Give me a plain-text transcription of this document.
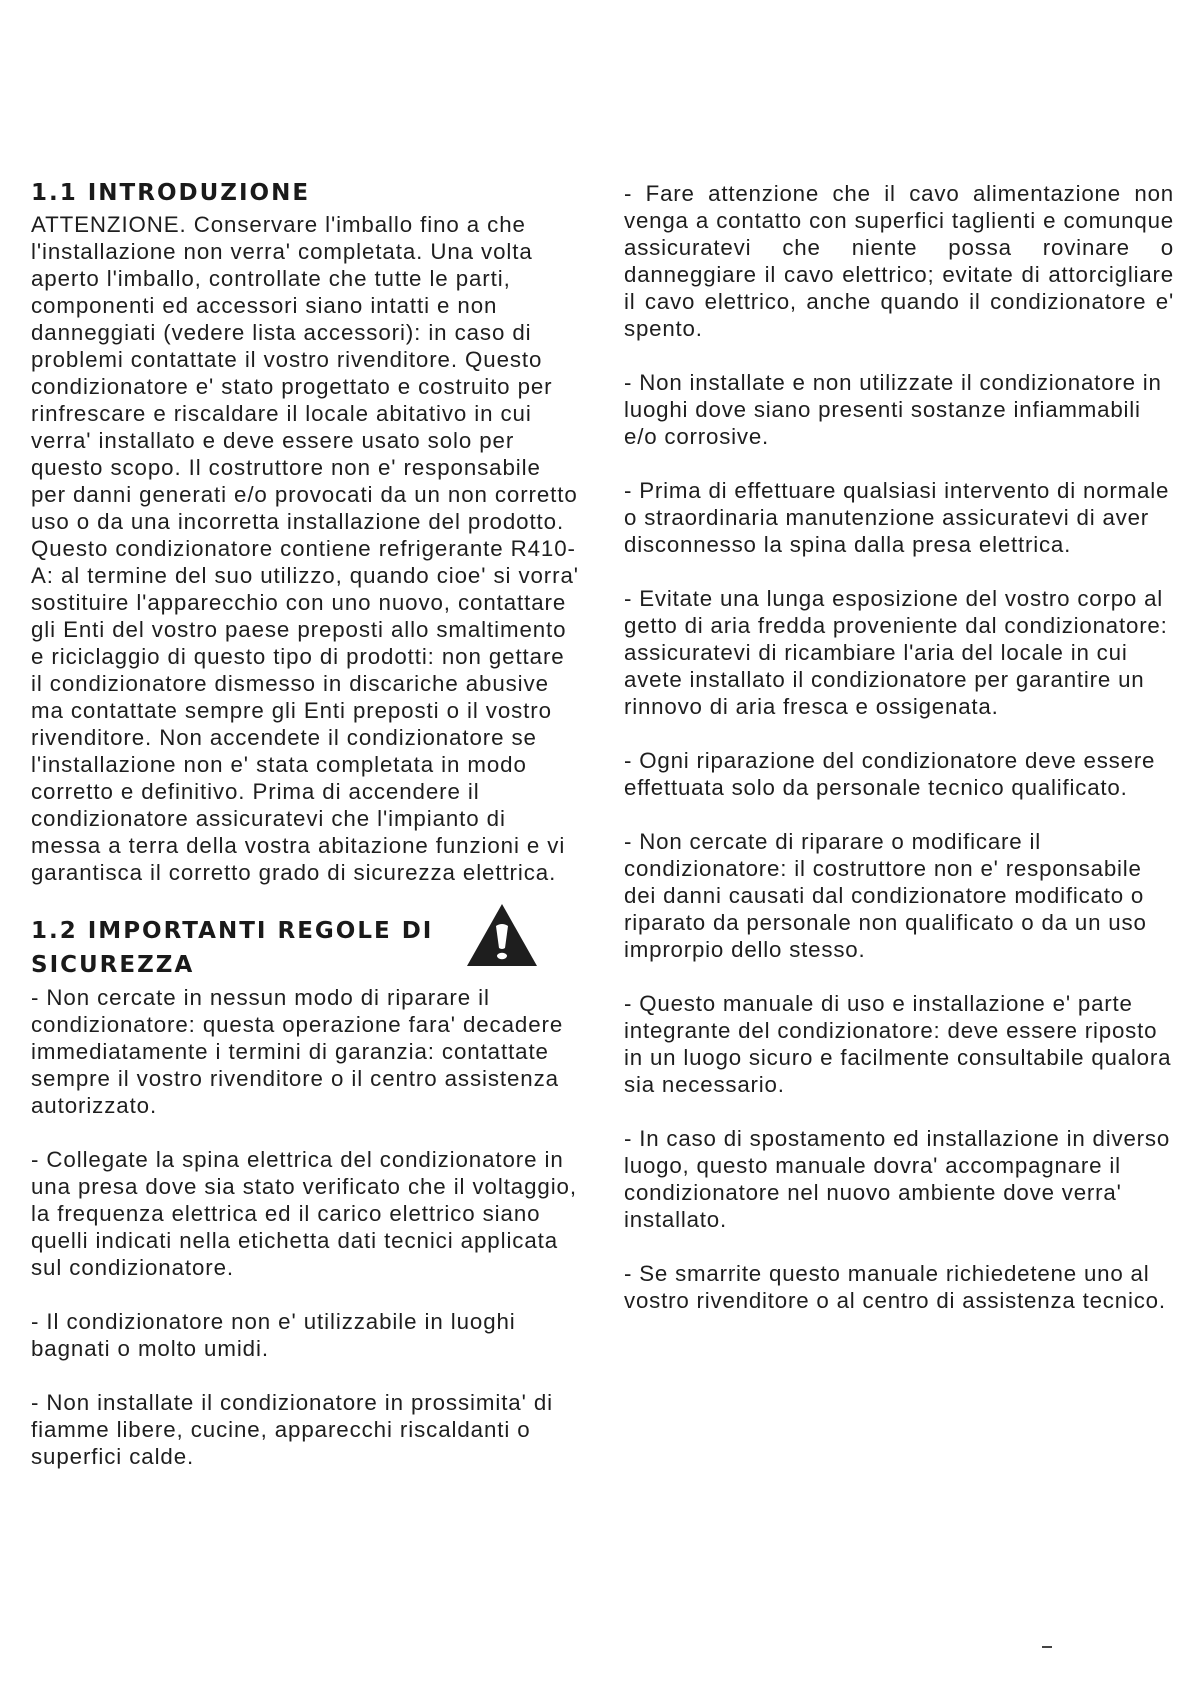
1.1 INTRODUZIONE

ATTENZIONE. Conservare l'imballo fino a che l'installazione non verra' completata. Una volta aperto l'imballo, controllate che tutte le parti, componenti ed accessori siano intatti e non danneggiati (vedere lista accessori): in caso di problemi contattate il vostro rivenditore. Questo condizionatore e' stato progettato e costruito per rinfrescare e riscaldare il locale abitativo in cui verra' installato e deve essere usato solo per questo scopo. Il costruttore non e' responsabile per danni generati e/o provocati da un non corretto uso o da una incorretta installazione del prodotto. Questo condizionatore contiene refrigerante R410-A: al termine del suo utilizzo, quando cioe' si vorra' sostituire l'apparecchio con uno nuovo, contattare gli Enti del vostro paese preposti allo smaltimento e riciclaggio di questo tipo di prodotti: non gettare il condizionatore dismesso in discariche abusive ma contattate sempre gli Enti preposti o il vostro rivenditore. Non accendete il condizionatore se l'installazione non e' stata completata in modo corretto e definitivo. Prima di accendere il condizionatore assicuratevi che l'impianto di messa a terra della vostra abitazione funzioni e vi garantisca il corretto grado di sicurezza elettrica.

1.2 IMPORTANTI REGOLE DI SICUREZZA

- Non cercate in nessun modo di riparare il condizionatore: questa operazione fara' decadere immediatamente i termini di garanzia: contattate sempre il vostro rivenditore o il centro assistenza autorizzato.

- Collegate la spina elettrica del condizionatore in una presa dove sia stato verificato che il voltaggio, la frequenza elettrica ed il carico elettrico siano quelli indicati nella etichetta dati tecnici applicata sul condizionatore.

- Il condizionatore non e' utilizzabile in luoghi bagnati o molto umidi.

- Non installate il condizionatore in prossimita' di fiamme libere, cucine, apparecchi riscaldanti o superfici calde.

- Fare attenzione che il cavo alimentazione non venga a contatto con superfici taglienti e comunque assicuratevi che niente possa rovinare o danneggiare il cavo elettrico; evitate di attorcigliare il cavo elettrico, anche quando il condizionatore e' spento.

- Non installate e non utilizzate il condizionatore in luoghi dove siano presenti sostanze infiammabili e/o corrosive.

- Prima di effettuare qualsiasi intervento di normale o straordinaria manutenzione assicuratevi di aver disconnesso la spina dalla presa elettrica.

- Evitate una lunga esposizione del vostro corpo al getto di aria fredda proveniente dal condizionatore: assicuratevi di ricambiare l'aria del locale in cui avete installato il condizionatore per garantire un rinnovo di aria fresca e ossigenata.

- Ogni riparazione del condizionatore deve essere effettuata solo da personale tecnico qualificato.

- Non cercate di riparare o modificare il condizionatore: il costruttore non e' responsabile dei danni causati dal condizionatore modificato o riparato da personale non qualificato o da un uso improrpio dello stesso.

- Questo manuale di uso e installazione e' parte integrante del condizionatore: deve essere riposto in un luogo sicuro e facilmente consultabile qualora sia necessario.

- In caso di spostamento ed installazione in diverso luogo, questo manuale dovra' accompagnare il condizionatore nel nuovo ambiente dove verra' installato.

- Se smarrite questo manuale richiedetene uno al vostro rivenditore o al centro di assistenza tecnico.
